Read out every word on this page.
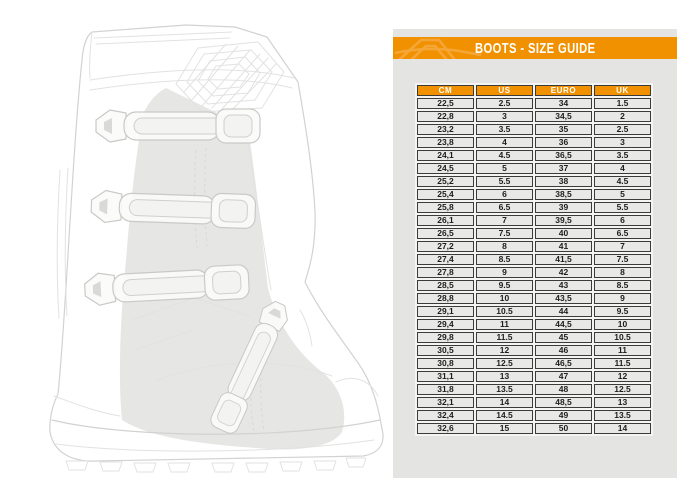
BOOTS - SIZE GUIDE
CM	US	EURO	UK
22,5	2.5	34	1.5
22,8	3	34,5	2
23,2	3.5	35	2.5
23,8	4	36	3
24,1	4.5	36,5	3.5
24,5	5	37	4
25,2	5.5	38	4.5
25,4	6	38,5	5
25,8	6.5	39	5.5
26,1	7	39,5	6
26,5	7.5	40	6.5
27,2	8	41	7
27,4	8.5	41,5	7.5
27,8	9	42	8
28,5	9.5	43	8.5
28,8	10	43,5	9
29,1	10.5	44	9.5
29,4	11	44,5	10
29,8	11.5	45	10.5
30,5	12	46	11
30,8	12.5	46,5	11.5
31,1	13	47	12
31,8	13.5	48	12.5
32,1	14	48,5	13
32,4	14.5	49	13.5
32,6	15	50	14
